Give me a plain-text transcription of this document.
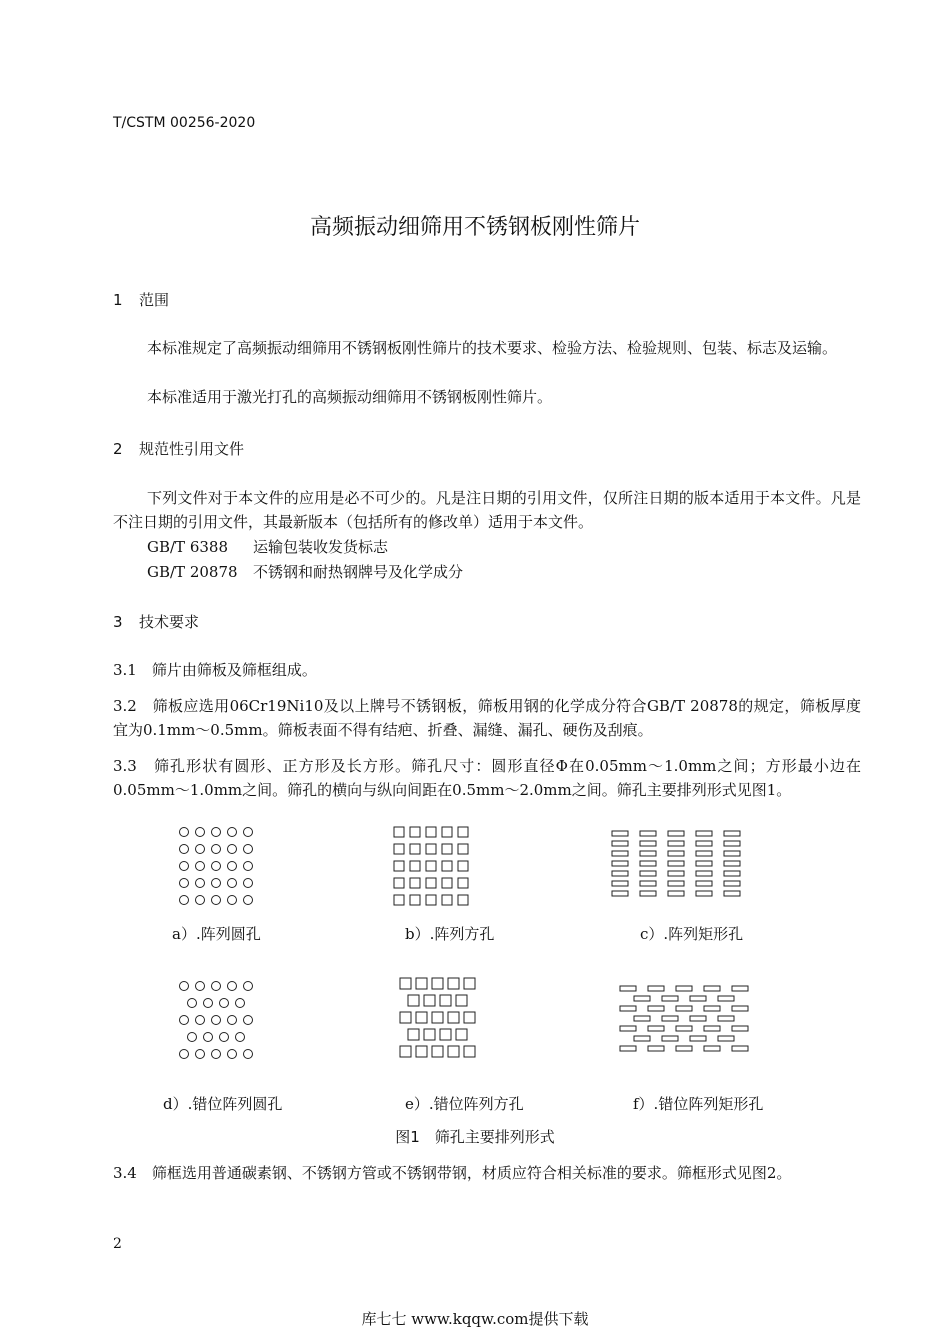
T/CSTM 00256-2020
高频振动细筛用不锈钢板刚性筛片
1 范围
本标准规定了高频振动细筛用不锈钢板刚性筛片的技术要求、检验方法、检验规则、包装、标志及运输。
本标准适用于激光打孔的高频振动细筛用不锈钢板刚性筛片。
2 规范性引用文件
下列文件对于本文件的应用是必不可少的。凡是注日期的引用文件，仅所注日期的版本适用于本文件。凡是不注日期的引用文件，其最新版本（包括所有的修改单）适用于本文件。
GB/T 6388 运输包装收发货标志
GB/T 20878 不锈钢和耐热钢牌号及化学成分
3 技术要求
3.1　筛片由筛板及筛框组成。
3.2　筛板应选用06Cr19Ni10及以上牌号不锈钢板，筛板用钢的化学成分符合GB/T 20878的规定，筛板厚度宜为0.1mm～0.5mm。筛板表面不得有结疤、折叠、漏缝、漏孔、硬伤及刮痕。
3.3　筛孔形状有圆形、正方形及长方形。筛孔尺寸：圆形直径Φ在0.05mm～1.0mm之间；方形最小边在0.05mm～1.0mm之间。筛孔的横向与纵向间距在0.5mm～2.0mm之间。筛孔主要排列形式见图1。
a）.阵列圆孔	b）.阵列方孔	c）.阵列矩形孔
d）.错位阵列圆孔	e）.错位阵列方孔	f）.错位阵列矩形孔
图1　筛孔主要排列形式
3.4　筛框选用普通碳素钢、不锈钢方管或不锈钢带钢，材质应符合相关标准的要求。筛框形式见图2。
2
库七七 www.kqqw.com提供下载
